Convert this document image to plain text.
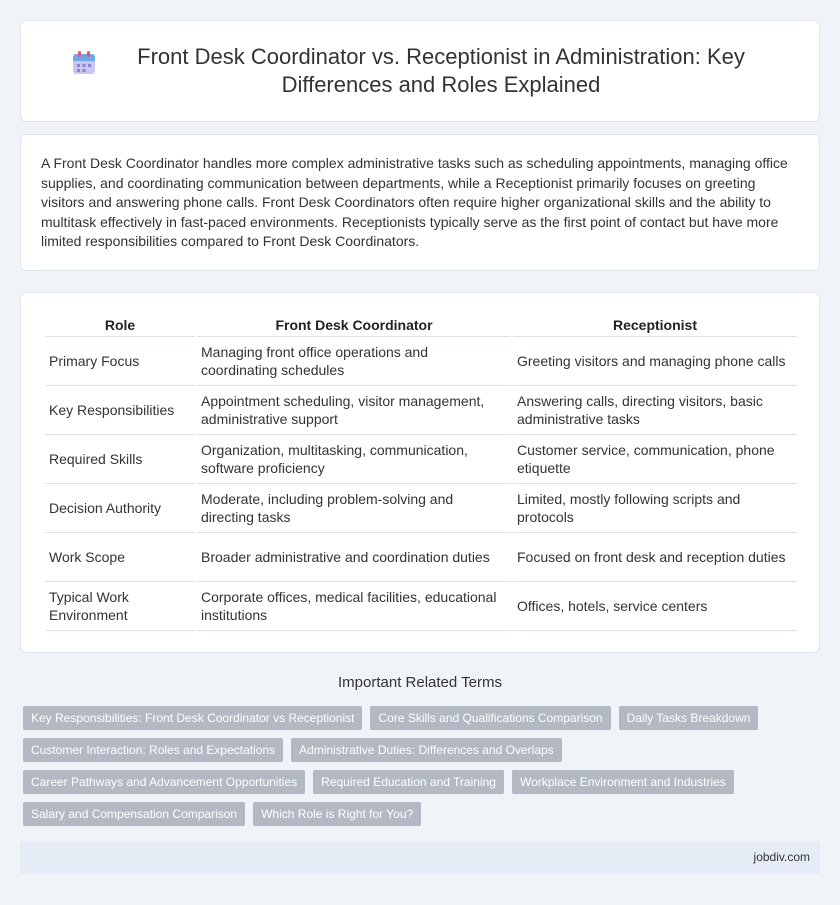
Front Desk Coordinator vs. Receptionist in Administration: Key Differences and Roles Explained

A Front Desk Coordinator handles more complex administrative tasks such as scheduling appointments, managing office supplies, and coordinating communication between departments, while a Receptionist primarily focuses on greeting visitors and answering phone calls. Front Desk Coordinators often require higher organizational skills and the ability to multitask effectively in fast-paced environments. Receptionists typically serve as the first point of contact but have more limited responsibilities compared to Front Desk Coordinators.

Role	Front Desk Coordinator	Receptionist
Primary Focus	Managing front office operations and coordinating schedules	Greeting visitors and managing phone calls
Key Responsibilities	Appointment scheduling, visitor management, administrative support	Answering calls, directing visitors, basic administrative tasks
Required Skills	Organization, multitasking, communication, software proficiency	Customer service, communication, phone etiquette
Decision Authority	Moderate, including problem-solving and directing tasks	Limited, mostly following scripts and protocols
Work Scope	Broader administrative and coordination duties	Focused on front desk and reception duties
Typical Work Environment	Corporate offices, medical facilities, educational institutions	Offices, hotels, service centers
Important Related Terms
Key Responsibilities: Front Desk Coordinator vs Receptionist	Core Skills and Qualifications Comparison	Daily Tasks Breakdown
Customer Interaction: Roles and Expectations	Administrative Duties: Differences and Overlaps
Career Pathways and Advancement Opportunities	Required Education and Training	Workplace Environment and Industries
Salary and Compensation Comparison	Which Role is Right for You?
jobdiv.com
